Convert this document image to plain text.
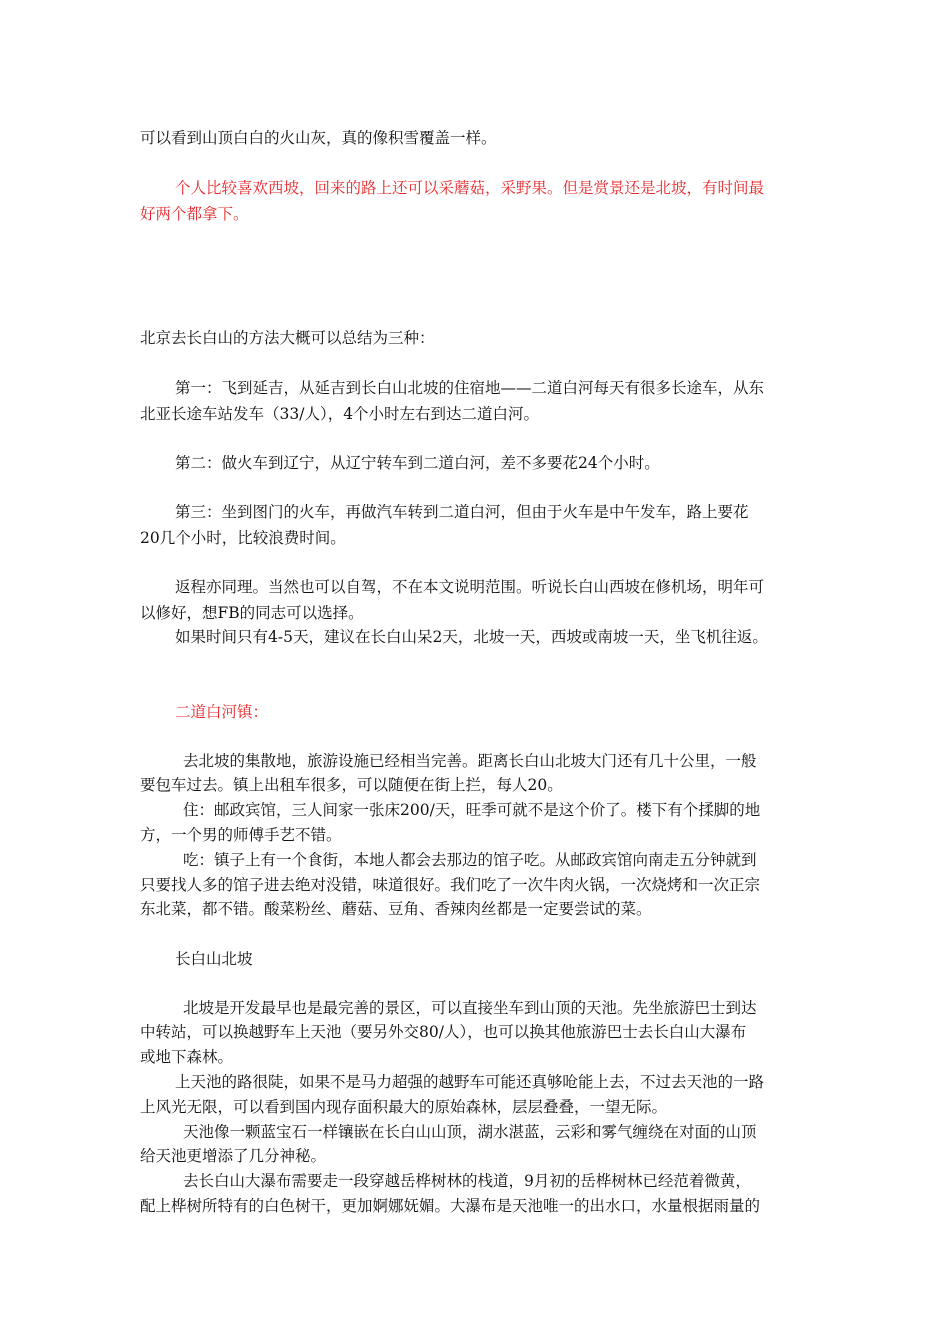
可以看到山顶白白的火山灰，真的像积雪覆盖一样。
个人比较喜欢西坡，回来的路上还可以采蘑菇，采野果。但是赏景还是北坡，有时间最
好两个都拿下。
北京去长白山的方法大概可以总结为三种：
第一：飞到延吉，从延吉到长白山北坡的住宿地——二道白河每天有很多长途车，从东
北亚长途车站发车（33/人），4个小时左右到达二道白河。
第二：做火车到辽宁，从辽宁转车到二道白河，差不多要花24个小时。
第三：坐到图门的火车，再做汽车转到二道白河，但由于火车是中午发车，路上要花
20几个小时，比较浪费时间。
返程亦同理。当然也可以自驾，不在本文说明范围。听说长白山西坡在修机场，明年可
以修好，想FB的同志可以选择。
如果时间只有4-5天，建议在长白山呆2天，北坡一天，西坡或南坡一天，坐飞机往返。
二道白河镇：
去北坡的集散地，旅游设施已经相当完善。距离长白山北坡大门还有几十公里，一般
要包车过去。镇上出租车很多，可以随便在街上拦，每人20。
住：邮政宾馆，三人间家一张床200/天，旺季可就不是这个价了。楼下有个揉脚的地
方，一个男的师傅手艺不错。
吃：镇子上有一个食街，本地人都会去那边的馆子吃。从邮政宾馆向南走五分钟就到
只要找人多的馆子进去绝对没错，味道很好。我们吃了一次牛肉火锅，一次烧烤和一次正宗
东北菜，都不错。酸菜粉丝、蘑菇、豆角、香辣肉丝都是一定要尝试的菜。
长白山北坡
北坡是开发最早也是最完善的景区，可以直接坐车到山顶的天池。先坐旅游巴士到达
中转站，可以换越野车上天池（要另外交80/人），也可以换其他旅游巴士去长白山大瀑布
或地下森林。
上天池的路很陡，如果不是马力超强的越野车可能还真够呛能上去，不过去天池的一路
上风光无限，可以看到国内现存面积最大的原始森林，层层叠叠，一望无际。
天池像一颗蓝宝石一样镶嵌在长白山山顶，湖水湛蓝，云彩和雾气缠绕在对面的山顶
给天池更增添了几分神秘。
去长白山大瀑布需要走一段穿越岳桦树林的栈道，9月初的岳桦树林已经范着微黄，
配上桦树所特有的白色树干，更加婀娜妩媚。大瀑布是天池唯一的出水口，水量根据雨量的
